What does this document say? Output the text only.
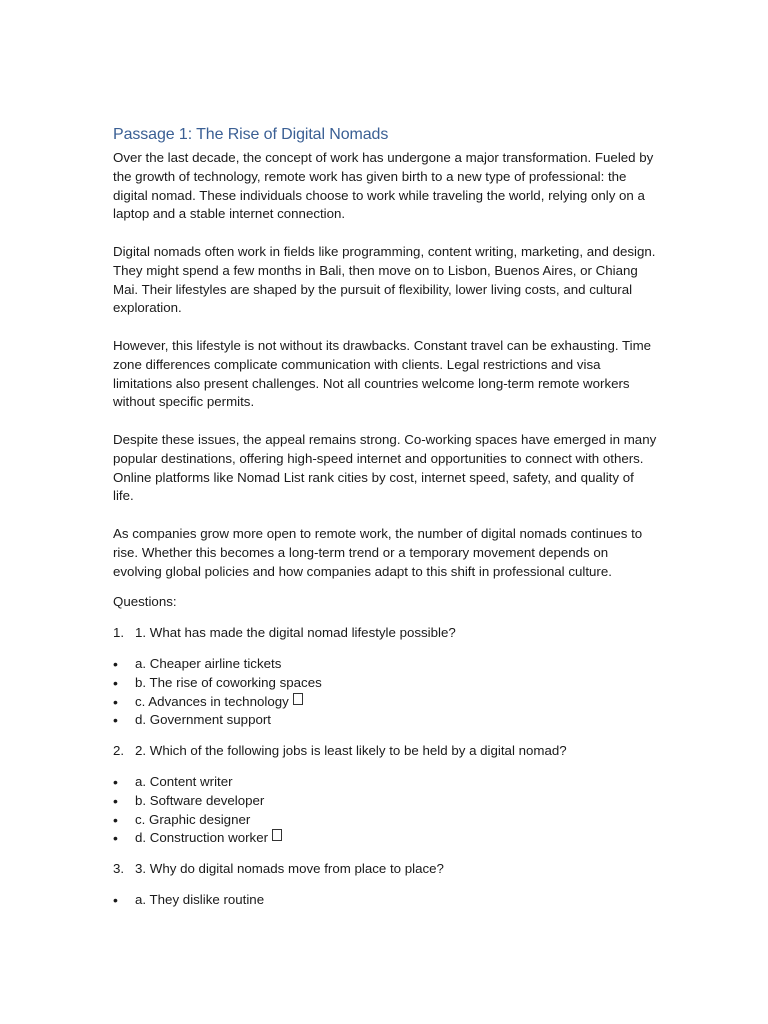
Passage 1: The Rise of Digital Nomads

Over the last decade, the concept of work has undergone a major transformation. Fueled by the growth of technology, remote work has given birth to a new type of professional: the digital nomad. These individuals choose to work while traveling the world, relying only on a laptop and a stable internet connection.

Digital nomads often work in fields like programming, content writing, marketing, and design. They might spend a few months in Bali, then move on to Lisbon, Buenos Aires, or Chiang Mai. Their lifestyles are shaped by the pursuit of flexibility, lower living costs, and cultural exploration.

However, this lifestyle is not without its drawbacks. Constant travel can be exhausting. Time zone differences complicate communication with clients. Legal restrictions and visa limitations also present challenges. Not all countries welcome long-term remote workers without specific permits.

Despite these issues, the appeal remains strong. Co-working spaces have emerged in many popular destinations, offering high-speed internet and opportunities to connect with others. Online platforms like Nomad List rank cities by cost, internet speed, safety, and quality of life.

As companies grow more open to remote work, the number of digital nomads continues to rise. Whether this becomes a long-term trend or a temporary movement depends on evolving global policies and how companies adapt to this shift in professional culture.

Questions:

1. 1. What has made the digital nomad lifestyle possible?
•	a. Cheaper airline tickets
•	b. The rise of coworking spaces
•	c. Advances in technology
•	d. Government support
2. 2. Which of the following jobs is least likely to be held by a digital nomad?
•	a. Content writer
•	b. Software developer
•	c. Graphic designer
•	d. Construction worker
3. 3. Why do digital nomads move from place to place?
•	a. They dislike routine
